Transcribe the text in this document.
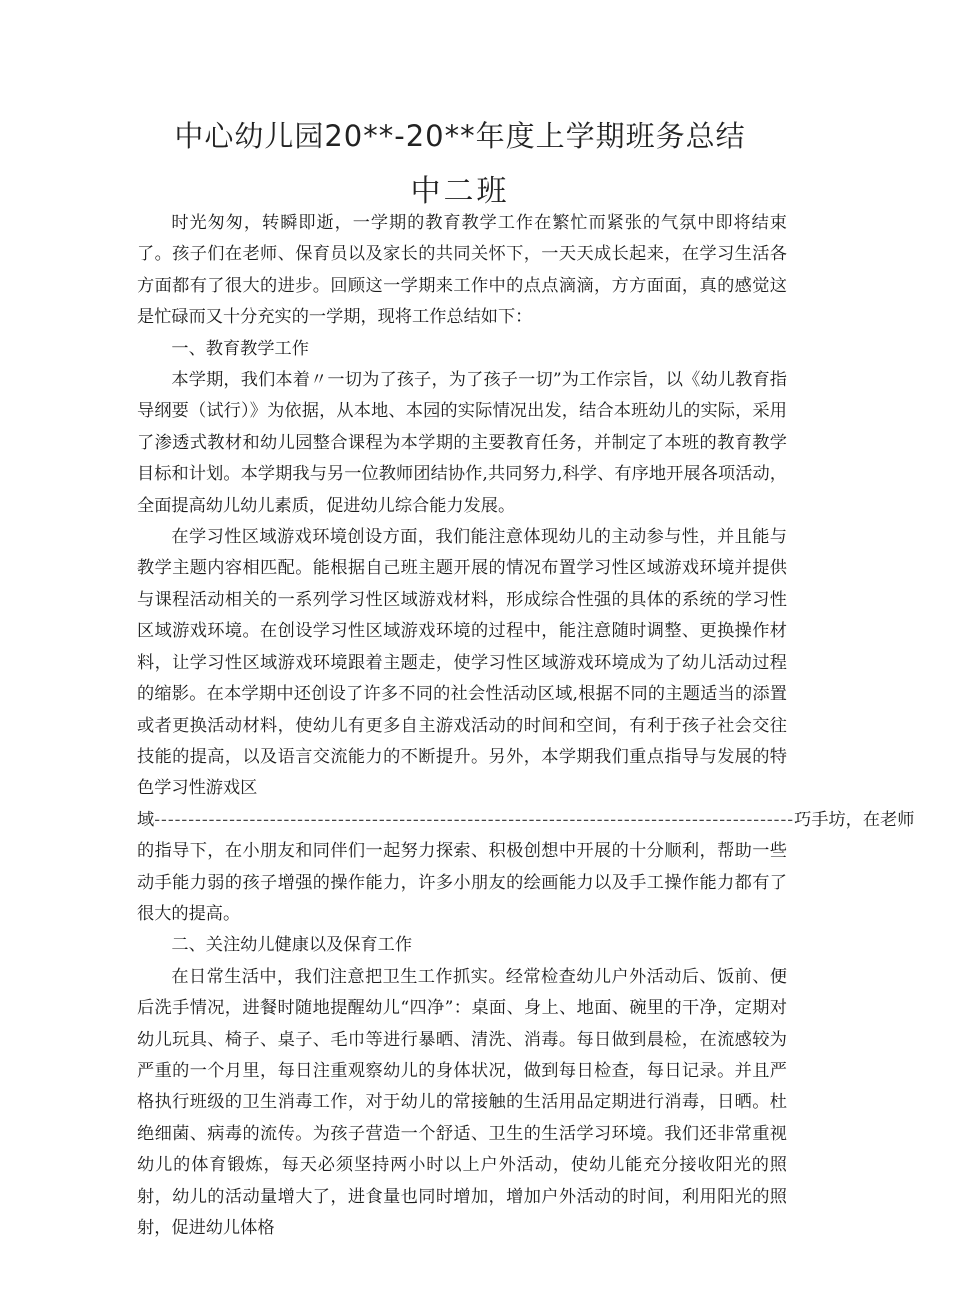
中心幼儿园20**-20**年度上学期班务总结
中二班

时光匆匆，转瞬即逝，一学期的教育教学工作在繁忙而紧张的气氛中即将结束了。孩子们在老师、保育员以及家长的共同关怀下，一天天成长起来，在学习生活各方面都有了很大的进步。回顾这一学期来工作中的点点滴滴，方方面面，真的感觉这是忙碌而又十分充实的一学期，现将工作总结如下：

一、教育教学工作

本学期，我们本着〃一切为了孩子，为了孩子一切”为工作宗旨，以《幼儿教育指导纲要（试行）》为依据，从本地、本园的实际情况出发，结合本班幼儿的实际，采用了渗透式教材和幼儿园整合课程为本学期的主要教育任务，并制定了本班的教育教学目标和计划。本学期我与另一位教师团结协作,共同努力,科学、有序地开展各项活动，全面提高幼儿幼儿素质，促进幼儿综合能力发展。

在学习性区域游戏环境创设方面，我们能注意体现幼儿的主动参与性，并且能与教学主题内容相匹配。能根据自己班主题开展的情况布置学习性区域游戏环境并提供与课程活动相关的一系列学习性区域游戏材料，形成综合性强的具体的系统的学习性区域游戏环境。在创设学习性区域游戏环境的过程中，能注意随时调整、更换操作材料，让学习性区域游戏环境跟着主题走，使学习性区域游戏环境成为了幼儿活动过程的缩影。在本学期中还创设了许多不同的社会性活动区域,根据不同的主题适当的添置或者更换活动材料，使幼儿有更多自主游戏活动的时间和空间，有利于孩子社会交往技能的提高，以及语言交流能力的不断提升。另外，本学期我们重点指导与发展的特色学习性游戏区

域 ---------------------------------------------------------------------------------------------- 巧手坊，在老师

的指导下，在小朋友和同伴们一起努力探索、积极创想中开展的十分顺利，帮助一些动手能力弱的孩子增强的操作能力，许多小朋友的绘画能力以及手工操作能力都有了很大的提高。

二、关注幼儿健康以及保育工作

在日常生活中，我们注意把卫生工作抓实。经常检查幼儿户外活动后、饭前、便后洗手情况，进餐时随地提醒幼儿“四净”：桌面、身上、地面、碗里的干净，定期对幼儿玩具、椅子、桌子、毛巾等进行暴晒、清洗、消毒。每日做到晨检，在流感较为严重的一个月里，每日注重观察幼儿的身体状况，做到每日检查，每日记录。并且严格执行班级的卫生消毒工作，对于幼儿的常接触的生活用品定期进行消毒，日晒。杜绝细菌、病毒的流传。为孩子营造一个舒适、卫生的生活学习环境。我们还非常重视幼儿的体育锻炼，每天必须坚持两小时以上户外活动，使幼儿能充分接收阳光的照射，幼儿的活动量增大了，进食量也同时增加，增加户外活动的时间，利用阳光的照射，促进幼儿体格
